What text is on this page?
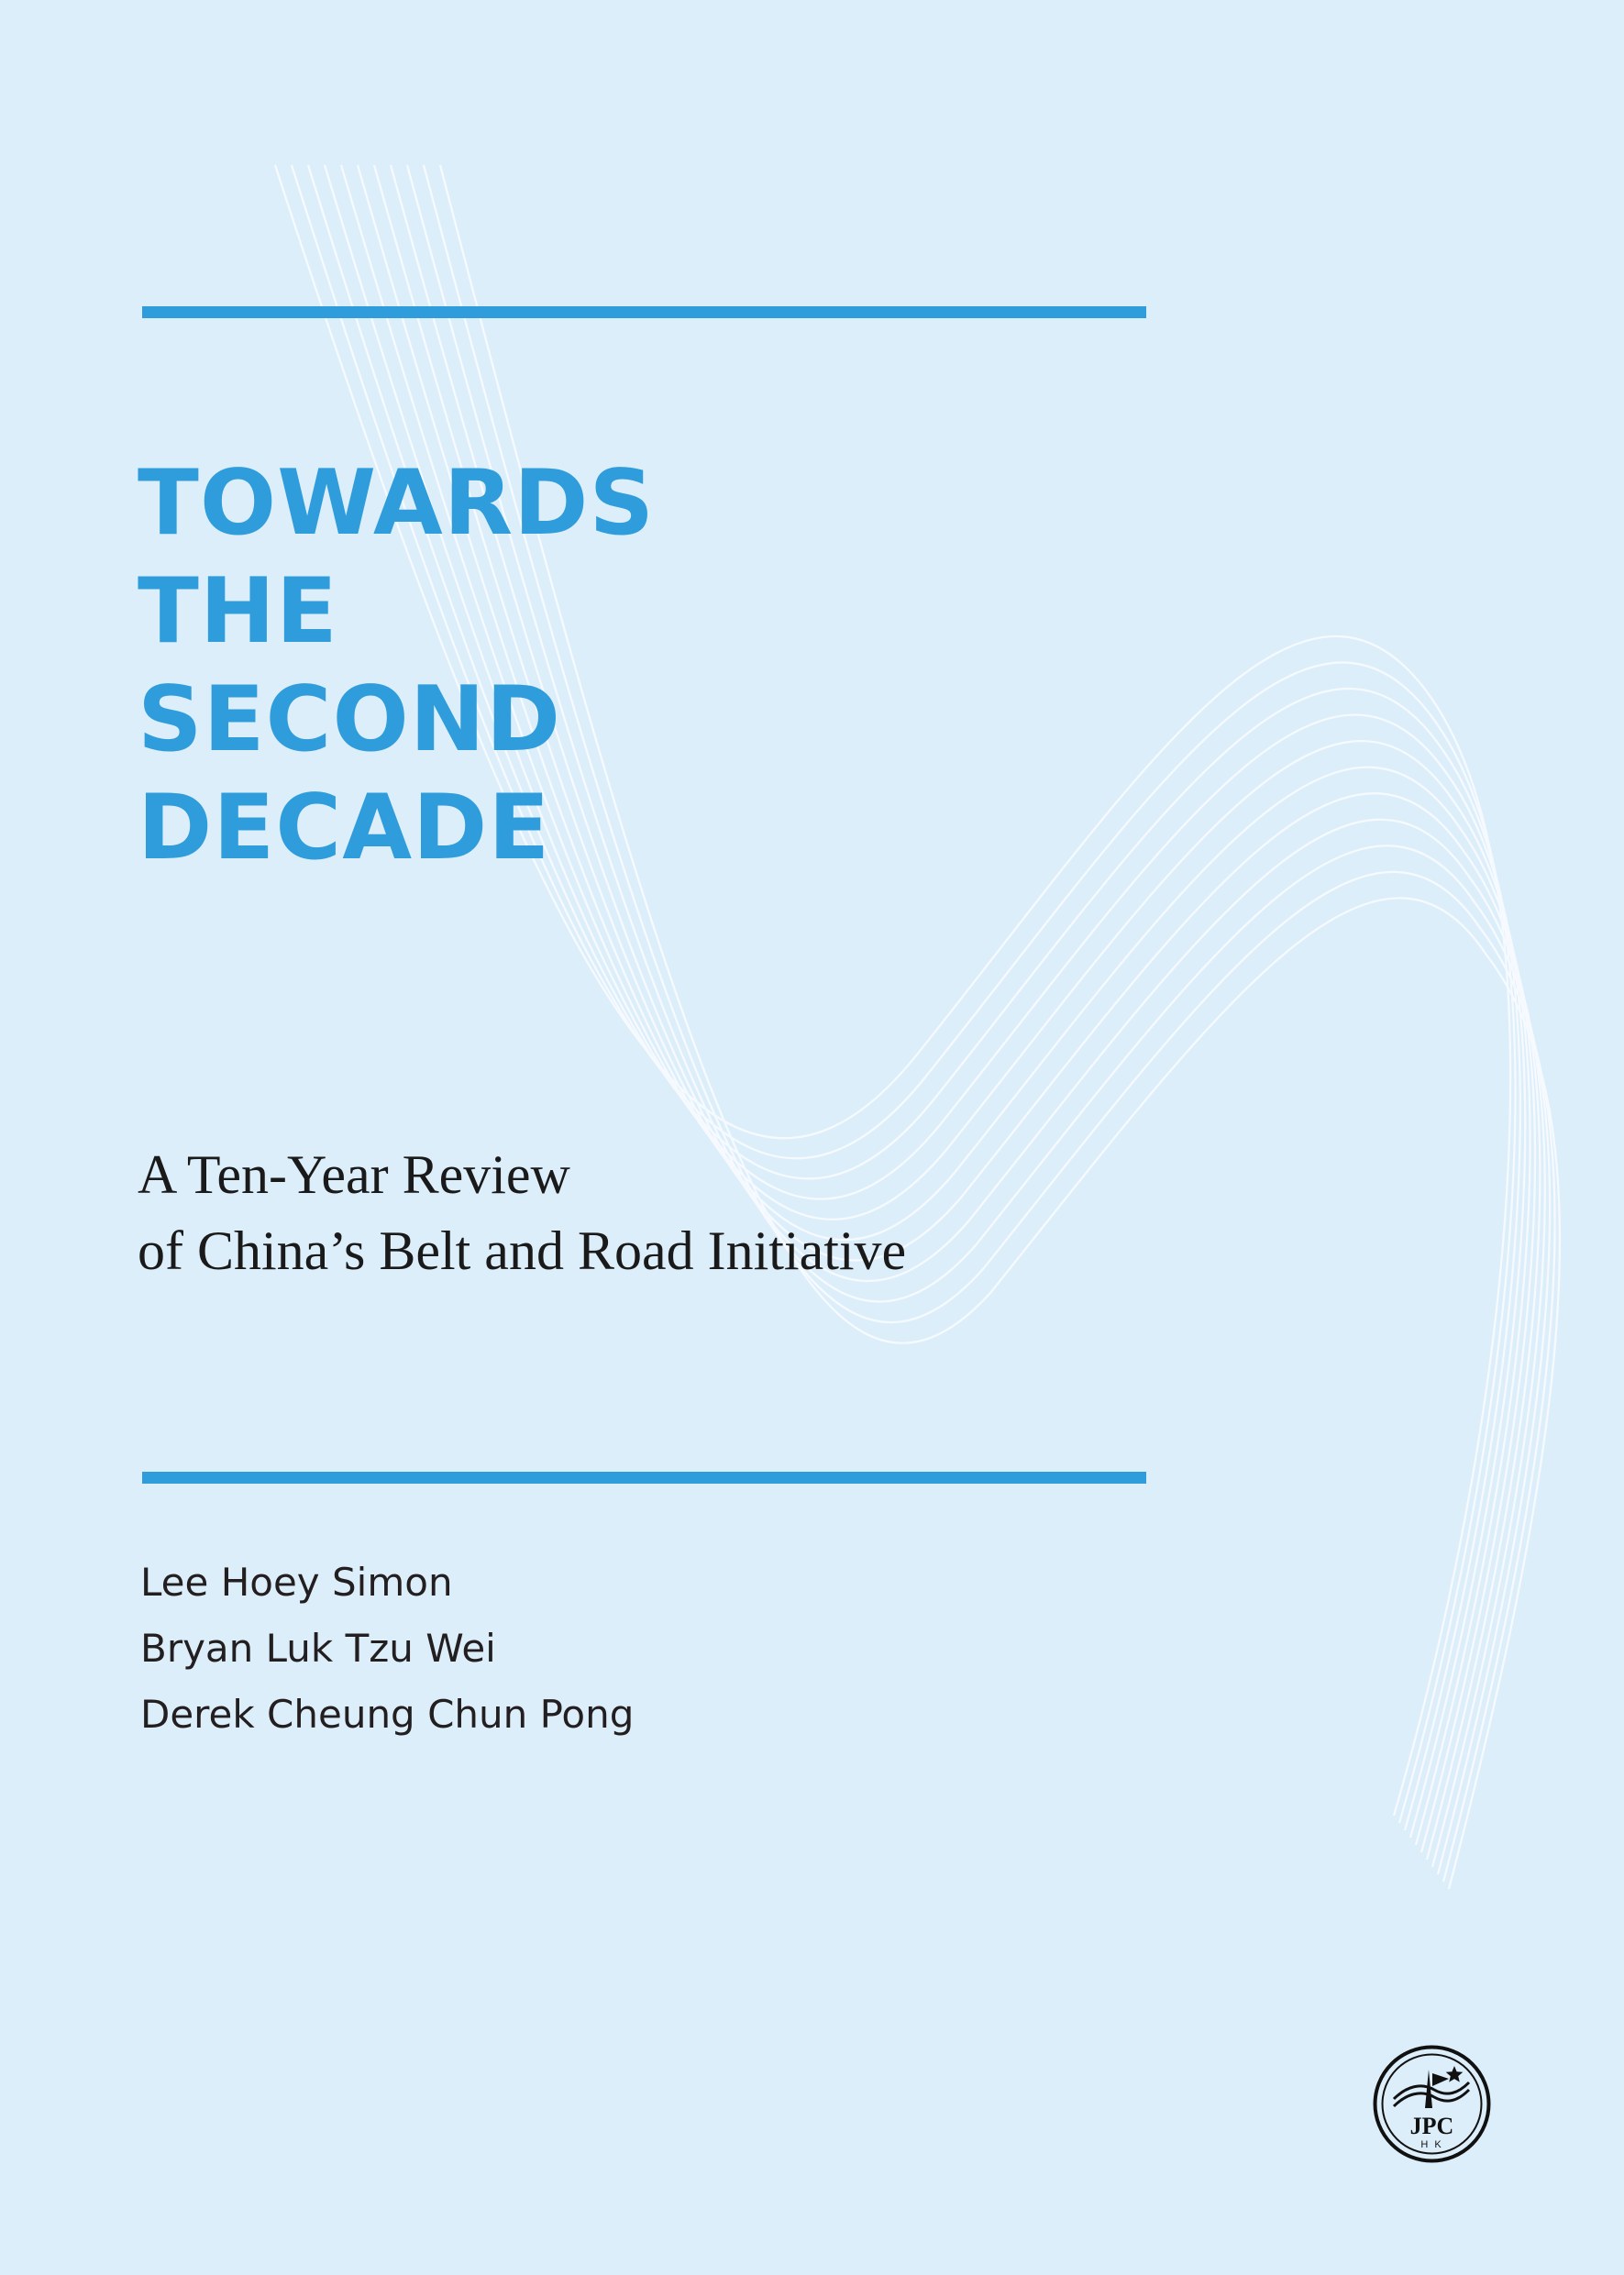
TOWARDS
THE
SECOND
DECADE
A Ten-Year Review
of China’s Belt and Road Initiative
Lee Hoey Simon
Bryan Luk Tzu Wei
Derek Cheung Chun Pong
JPC
H K
